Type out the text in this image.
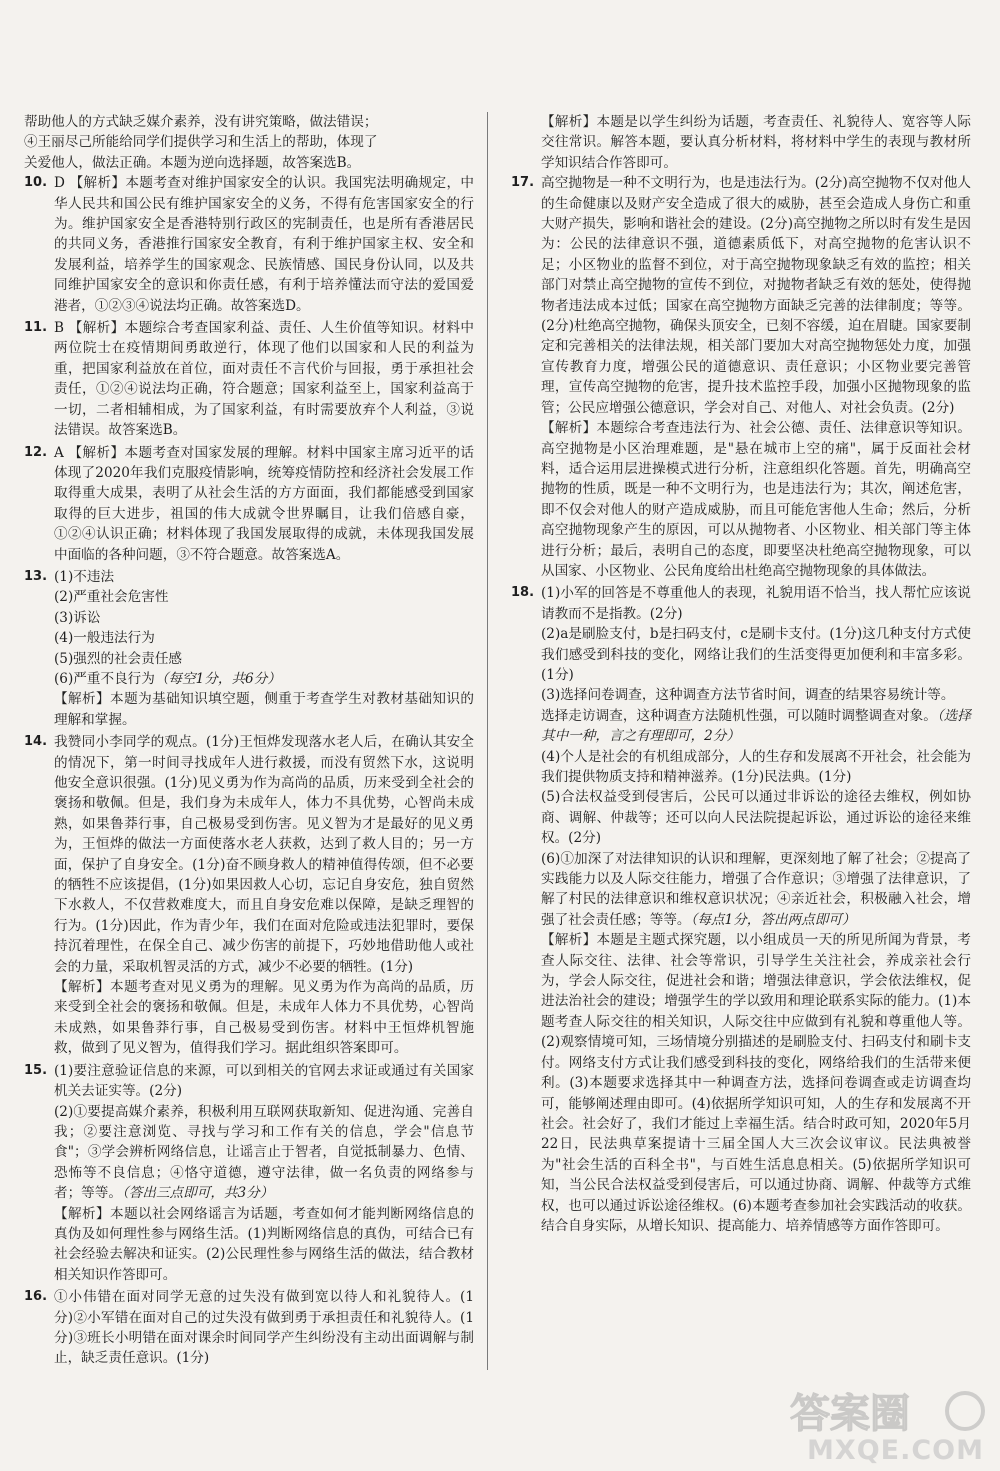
帮助他人的方式缺乏媒介素养，没有讲究策略，做法错误；
④王丽尽己所能给同学们提供学习和生活上的帮助，体现了
关爱他人，做法正确。本题为逆向选择题，故答案选B。
10. D 【解析】本题考查对维护国家安全的认识。我国宪法明确规定，中华人民共和国公民有维护国家安全的义务，不得有危害国家安全的行为。维护国家安全是香港特别行政区的宪制责任，也是所有香港居民的共同义务，香港推行国家安全教育，有利于维护国家主权、安全和发展利益，培养学生的国家观念、民族情感、国民身份认同，以及共同维护国家安全的意识和你责任感，有利于培养懂法而守法的爱国爱港者，①②③④说法均正确。故答案选D。
11. B 【解析】本题综合考查国家利益、责任、人生价值等知识。材料中两位院士在疫情期间勇敢逆行，体现了他们以国家和人民的利益为重，把国家利益放在首位，面对责任不言代价与回报，勇于承担社会责任，①②④说法均正确，符合题意；国家利益至上，国家利益高于一切，二者相辅相成，为了国家利益，有时需要放弃个人利益，③说法错误。故答案选B。
12. A 【解析】本题考查对国家发展的理解。材料中国家主席习近平的话体现了2020年我们克服疫情影响，统筹疫情防控和经济社会发展工作取得重大成果，表明了从社会生活的方方面面，我们都能感受到国家取得的巨大进步，祖国的伟大成就令世界瞩目，让我们倍感自豪，①②④认识正确；材料体现了我国发展取得的成就，未体现我国发展中面临的各种问题，③不符合题意。故答案选A。
13. (1)不违法
(2)严重社会危害性
(3)诉讼
(4)一般违法行为
(5)强烈的社会责任感
(6)严重不良行为（每空1分，共6分）
【解析】本题为基础知识填空题，侧重于考查学生对教材基础知识的理解和掌握。
14. 我赞同小李同学的观点。(1分)王恒烨发现落水老人后，在确认其安全的情况下，第一时间寻找成年人进行救援，而没有贸然下水，这说明他安全意识很强。(1分)见义勇为作为高尚的品质，历来受到全社会的褒扬和敬佩。但是，我们身为未成年人，体力不具优势，心智尚未成熟，如果鲁莽行事，自己极易受到伤害。见义智为才是最好的见义勇为，王恒烨的做法一方面使落水老人获救，达到了救人目的；另一方面，保护了自身安全。(1分)奋不顾身救人的精神值得传颂，但不必要的牺牲不应该提倡，(1分)如果因救人心切，忘记自身安危，独自贸然下水救人，不仅营救难度大，而且自身安危难以保障，是缺乏理智的行为。(1分)因此，作为青少年，我们在面对危险或违法犯罪时，要保持沉着理性，在保全自己、减少伤害的前提下，巧妙地借助他人或社会的力量，采取机智灵活的方式，减少不必要的牺牲。(1分)
【解析】本题考查对见义勇为的理解。见义勇为作为高尚的品质，历来受到全社会的褒扬和敬佩。但是，未成年人体力不具优势，心智尚未成熟，如果鲁莽行事，自己极易受到伤害。材料中王恒烨机智施救，做到了见义智为，值得我们学习。据此组织答案即可。
15. (1)要注意验证信息的来源，可以到相关的官网去求证或通过有关国家机关去证实等。(2分)
(2)①要提高媒介素养，积极利用互联网获取新知、促进沟通、完善自我；②要注意浏览、寻找与学习和工作有关的信息，学会"信息节食"；③学会辨析网络信息，让谣言止于智者，自觉抵制暴力、色情、恐怖等不良信息；④恪守道德，遵守法律，做一名负责的网络参与者；等等。（答出三点即可，共3分）
【解析】本题以社会网络谣言为话题，考查如何才能判断网络信息的真伪及如何理性参与网络生活。(1)判断网络信息的真伪，可结合已有社会经验去解决和证实。(2)公民理性参与网络生活的做法，结合教材相关知识作答即可。
16. ①小伟错在面对同学无意的过失没有做到宽以待人和礼貌待人。(1分)②小军错在面对自己的过失没有做到勇于承担责任和礼貌待人。(1分)③班长小明错在面对课余时间同学产生纠纷没有主动出面调解与制止，缺乏责任意识。(1分)
【解析】本题是以学生纠纷为话题，考查责任、礼貌待人、宽容等人际交往常识。解答本题，要认真分析材料，将材料中学生的表现与教材所学知识结合作答即可。
17. 高空抛物是一种不文明行为，也是违法行为。(2分)高空抛物不仅对他人的生命健康以及财产安全造成了很大的威胁，甚至会造成人身伤亡和重大财产损失，影响和谐社会的建设。(2分)高空抛物之所以时有发生是因为：公民的法律意识不强，道德素质低下，对高空抛物的危害认识不足；小区物业的监督不到位，对于高空抛物现象缺乏有效的监控；相关部门对禁止高空抛物的宣传不到位，对抛物者缺乏有效的惩处，使得抛物者违法成本过低；国家在高空抛物方面缺乏完善的法律制度；等等。(2分)杜绝高空抛物，确保头顶安全，已刻不容缓，迫在眉睫。国家要制定和完善相关的法律法规，相关部门要加大对高空抛物惩处力度，加强宣传教育力度，增强公民的道德意识、责任意识；小区物业要完善管理，宣传高空抛物的危害，提升技术监控手段，加强小区抛物现象的监管；公民应增强公德意识，学会对自己、对他人、对社会负责。(2分)
【解析】本题综合考查违法行为、社会公德、责任、法律意识等知识。高空抛物是小区治理难题，是"悬在城市上空的痛"，属于反面社会材料，适合运用层进操模式进行分析，注意组织化答题。首先，明确高空抛物的性质，既是一种不文明行为，也是违法行为；其次，阐述危害，即不仅会对他人的财产造成威胁，而且可能危害他人生命；然后，分析高空抛物现象产生的原因，可以从抛物者、小区物业、相关部门等主体进行分析；最后，表明自己的态度，即要坚决杜绝高空抛物现象，可以从国家、小区物业、公民角度给出杜绝高空抛物现象的具体做法。
18. (1)小军的回答是不尊重他人的表现，礼貌用语不恰当，找人帮忙应该说请教而不是指教。(2分)
(2)a是刷脸支付，b是扫码支付，c是刷卡支付。(1分)这几种支付方式使我们感受到科技的变化，网络让我们的生活变得更加便利和丰富多彩。(1分)
(3)选择问卷调查，这种调查方法节省时间，调查的结果容易统计等。
选择走访调查，这种调查方法随机性强，可以随时调整调查对象。（选择其中一种，言之有理即可，2分）
(4)个人是社会的有机组成部分，人的生存和发展离不开社会，社会能为我们提供物质支持和精神滋养。(1分)民法典。(1分)
(5)合法权益受到侵害后，公民可以通过非诉讼的途径去维权，例如协商、调解、仲裁等；还可以向人民法院提起诉讼，通过诉讼的途径来维权。(2分)
(6)①加深了对法律知识的认识和理解，更深刻地了解了社会；②提高了实践能力以及人际交往能力，增强了合作意识；③增强了法律意识，了解了村民的法律意识和维权意识状况；④亲近社会，积极融入社会，增强了社会责任感；等等。（每点1分，答出两点即可）
【解析】本题是主题式探究题，以小组成员一天的所见所闻为背景，考查人际交往、法律、社会等常识，引导学生关注社会，养成亲社会行为，学会人际交往，促进社会和谐；增强法律意识，学会依法维权，促进法治社会的建设；增强学生的学以致用和理论联系实际的能力。(1)本题考查人际交往的相关知识，人际交往中应做到有礼貌和尊重他人等。(2)观察情境可知，三场情境分别描述的是刷脸支付、扫码支付和刷卡支付。网络支付方式让我们感受到科技的变化，网络给我们的生活带来便利。(3)本题要求选择其中一种调查方法，选择问卷调查或走访调查均可，能够阐述理由即可。(4)依据所学知识可知，人的生存和发展离不开社会。社会好了，我们才能过上幸福生活。结合时政可知，2020年5月22日，民法典草案提请十三届全国人大三次会议审议。民法典被誉为"社会生活的百科全书"，与百姓生活息息相关。(5)依据所学知识可知，当公民合法权益受到侵害后，可以通过协商、调解、仲裁等方式维权，也可以通过诉讼途径维权。(6)本题考查参加社会实践活动的收获。结合自身实际，从增长知识、提高能力、培养情感等方面作答即可。
答案圈
MXQE.COM
